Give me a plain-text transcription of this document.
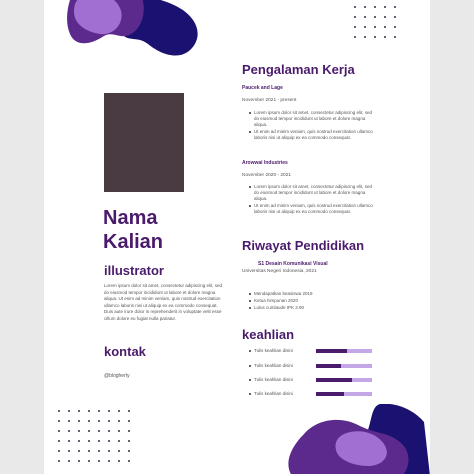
Nama
Kalian
illustrator
Lorem ipsum dolor sit amet, consectetur adipiscing elit, sed do eiusmod tempor incididunt ut labore et dolore magna aliqua. Ut enim ad minim veniam, quis nostrud exercitation ullamco laboris nisi ut aliquip ex ea commodo consequat. Duis aute irure dolor in reprehenderit in voluptate velit esse cillum dolore eu fugiat nulla pariatur.
kontak
@blogherty
Pengalaman Kerja
Paucek and Lage
November 2021 - present
Lorem ipsum dolor sit amet, consectetur adipiscing elit, sed do eiusmod tempor incididunt ut labore et dolore magna aliqua.
Ut enim ad minim veniam, quis nostrud exercitation ullamco laboris nisi ut aliquip ex ea commodo consequat.
Arowwai Industries
November 2020 - 2021
Lorem ipsum dolor sit amet, consectetur adipiscing elit, sed do eiusmod tempor incididunt ut labore et dolore magna aliqua.
Ut enim ad minim veniam, quis nostrud exercitation ullamco laboris nisi ut aliquip ex ea commodo consequat.
Riwayat Pendidikan
S1 Desain Komunikasi Visual
Universitas Negeri Indonesia, 2021
Mendapatkan beasiswa 2019
Ketua himpunan 2020
Lulus cumlaude IPK 3.90
keahlian
Tulis keahlian disini
Tulis keahlian disini
Tulis keahlian disini
Tulis keahlian disini
